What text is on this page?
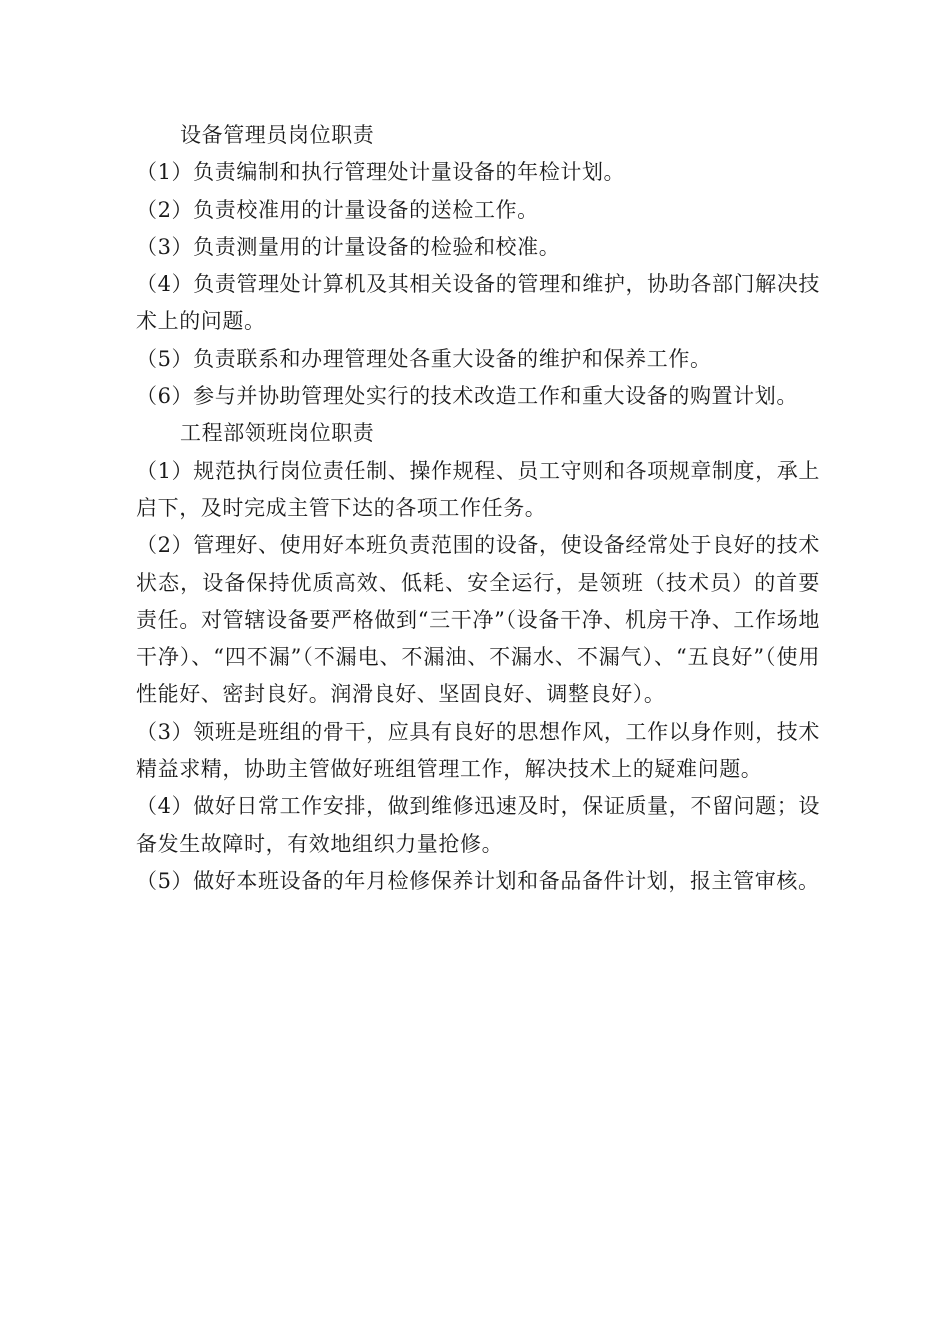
设备管理员岗位职责

（1）负责编制和执行管理处计量设备的年检计划。

（2）负责校准用的计量设备的送检工作。

（3）负责测量用的计量设备的检验和校准。

（4）负责管理处计算机及其相关设备的管理和维护，协助各部门解决技术上的问题。

（5）负责联系和办理管理处各重大设备的维护和保养工作。

（6）参与并协助管理处实行的技术改造工作和重大设备的购置计划。

工程部领班岗位职责

（1）规范执行岗位责任制、操作规程、员工守则和各项规章制度，承上启下，及时完成主管下达的各项工作任务。

（2）管理好、使用好本班负责范围的设备，使设备经常处于良好的技术状态，设备保持优质高效、低耗、安全运行，是领班（技术员）的首要责任。对管辖设备要严格做到“三干净”（设备干净、机房干净、工作场地干净）、“四不漏”（不漏电、不漏油、不漏水、不漏气）、“五良好”（使用性能好、密封良好。润滑良好、坚固良好、调整良好）。

（3）领班是班组的骨干，应具有良好的思想作风，工作以身作则，技术精益求精，协助主管做好班组管理工作，解决技术上的疑难问题。

（4）做好日常工作安排，做到维修迅速及时，保证质量，不留问题；设备发生故障时，有效地组织力量抢修。

（5）做好本班设备的年月检修保养计划和备品备件计划，报主管审核。
